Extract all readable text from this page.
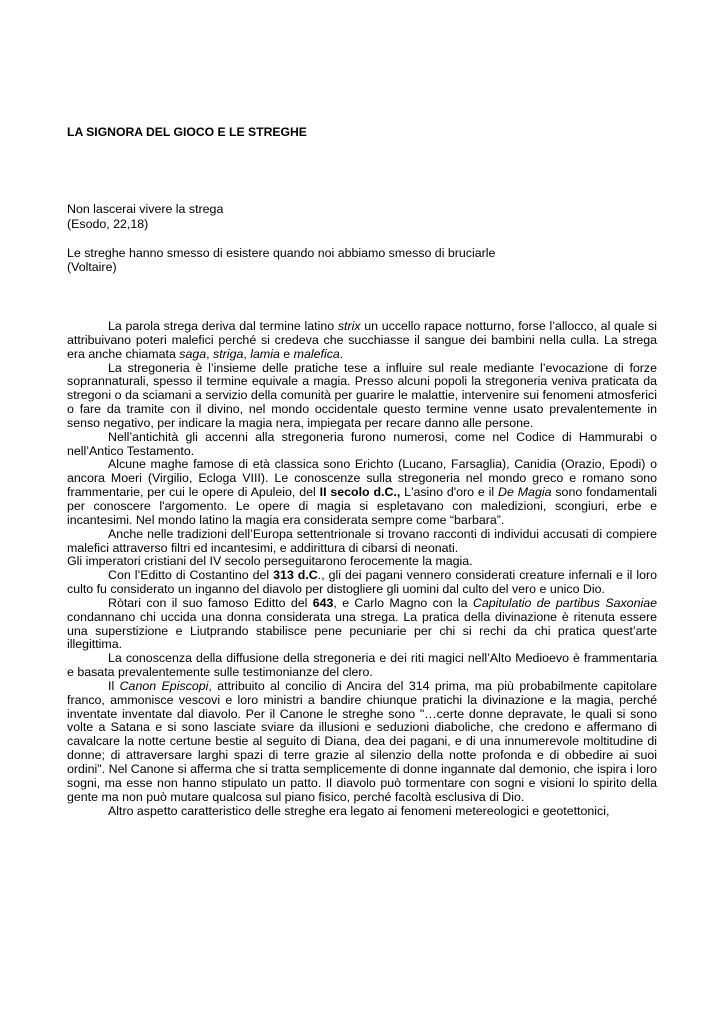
LA SIGNORA DEL GIOCO E LE STREGHE
Non lascerai vivere la strega
(Esodo, 22,18)
Le streghe hanno smesso di esistere quando noi abbiamo smesso di bruciarle
(Voltaire)

La parola strega deriva dal termine latino strix un uccello rapace notturno, forse l’allocco, al quale si attribuivano poteri malefici perché si credeva che succhiasse il sangue dei bambini nella culla. La strega era anche chiamata saga, striga, lamia e malefica.

La stregoneria è l’insieme delle pratiche tese a influire sul reale mediante l’evocazione di forze soprannaturali, spesso il termine equivale a magia. Presso alcuni popoli la stregoneria veniva praticata da stregoni o da sciamani a servizio della comunità per guarire le malattie, intervenire sui fenomeni atmosferici o fare da tramite con il divino, nel mondo occidentale questo termine venne usato prevalentemente in senso negativo, per indicare la magia nera, impiegata per recare danno alle persone.

Nell’antichità gli accenni alla stregoneria furono numerosi, come nel Codice di Hammurabi o nell’Antico Testamento.

Alcune maghe famose di età classica sono Erichto (Lucano, Farsaglia), Canidia (Orazio, Epodi) o ancora Moeri (Virgilio, Ecloga VIII). Le conoscenze sulla stregoneria nel mondo greco e romano sono frammentarie, per cui le opere di Apuleio, del II secolo d.C., L'asino d'oro e il De Magia sono fondamentali per conoscere l'argomento. Le opere di magia si espletavano con maledizioni, scongiuri, erbe e incantesimi. Nel mondo latino la magia era considerata sempre come “barbara”.

Anche nelle tradizioni dell’Europa settentrionale si trovano racconti di individui accusati di compiere malefici attraverso filtri ed incantesimi, e addirittura di cibarsi di neonati.

Gli imperatori cristiani del IV secolo perseguitarono ferocemente la magia.

Con l’Editto di Costantino del 313 d.C., gli dei pagani vennero considerati creature infernali e il loro culto fu considerato un inganno del diavolo per distogliere gli uomini dal culto del vero e unico Dio.

Ròtari con il suo famoso Editto del 643, e Carlo Magno con la Capitulatio de partibus Saxoniae condannano chi uccida una donna considerata una strega. La pratica della divinazione è ritenuta essere una superstizione e Liutprando stabilisce pene pecuniarie per chi si rechi da chi pratica quest’arte illegittima.

La conoscenza della diffusione della stregoneria e dei riti magici nell’Alto Medioevo è frammentaria e basata prevalentemente sulle testimonianze del clero.

Il Canon Episcopi, attribuito al concilio di Ancira del 314 prima, ma più probabilmente capitolare franco, ammonisce vescovi e loro ministri a bandire chiunque pratichi la divinazione e la magia, perché inventate inventate dal diavolo. Per il Canone le streghe sono "…certe donne depravate, le quali si sono volte a Satana e si sono lasciate sviare da illusioni e seduzioni diaboliche, che credono e affermano di cavalcare la notte certune bestie al seguito di Diana, dea dei pagani, e di una innumerevole moltitudine di donne; di attraversare larghi spazi di terre grazie al silenzio della notte profonda e di obbedire ai suoi ordini". Nel Canone si afferma che si tratta semplicemente di donne ingannate dal demonio, che ispira i loro sogni, ma esse non hanno stipulato un patto. Il diavolo può tormentare con sogni e visioni lo spirito della gente ma non può mutare qualcosa sul piano fisico, perché facoltà esclusiva di Dio.

Altro aspetto caratteristico delle streghe era legato ai fenomeni metereologici e geotettonici,
